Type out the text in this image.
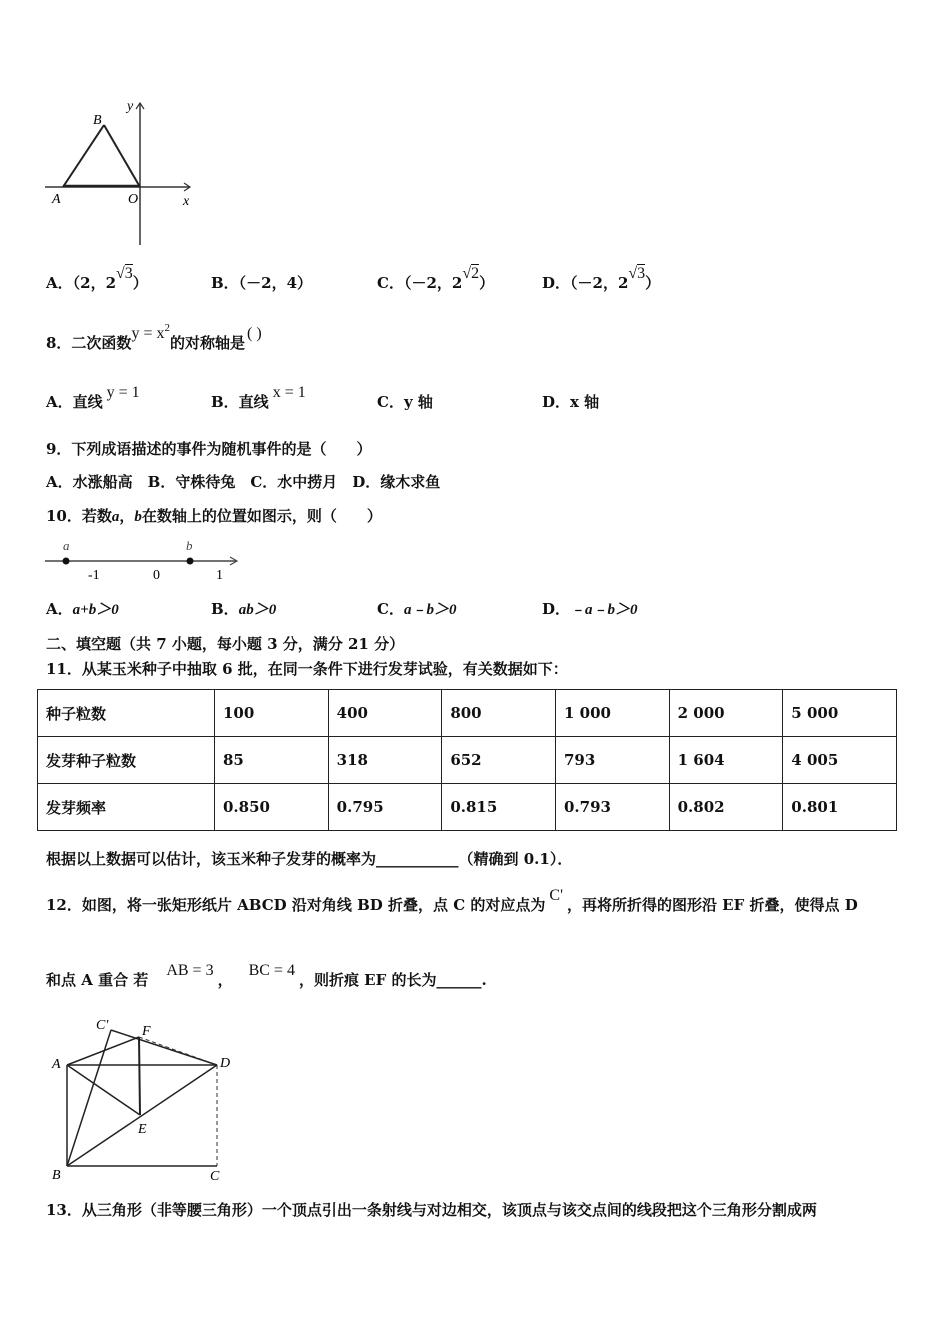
B
y
A	O	x
A．（2，2√3）	B．（－2，4）	C．（－2，2√2）	D．（－2，2√3）
8．二次函数$y = x^2$的对称轴是( )
A．直线y = 1
B．直线x = 1
C．y 轴	D．x 轴
9．下列成语描述的事件为随机事件的是（　　）
A．水涨船高　B．守株待兔　C．水中捞月　D．缘木求鱼
10．若数a，b在数轴上的位置如图示，则（　　）
a	b
-1	0	1
A．a+b＞0	B．ab＞0	C．a﹣b＞0	D．﹣a﹣b＞0
二、填空题（共 7 小题，每小题 3 分，满分 21 分）
11．从某玉米种子中抽取 6 批，在同一条件下进行发芽试验，有关数据如下：
种子粒数	100	400	800	1 000	2 000	5 000
发芽种子粒数	85	318	652	793	1 604	4 005
发芽频率	0.850	0.795	0.815	0.793	0.802	0.801
根据以上数据可以估计，该玉米种子发芽的概率为___________（精确到 0.1）．
12．如图，将一张矩形纸片 ABCD 沿对角线 BD 折叠，点 C 的对应点为C'，再将所折得的图形沿 EF 折叠，使得点 D
和点 A 重合 若AB = 3，BC = 4，则折痕 EF 的长为______.
C' F
A	D
E
B	C
13．从三角形（非等腰三角形）一个顶点引出一条射线与对边相交，该顶点与该交点间的线段把这个三角形分割成两
